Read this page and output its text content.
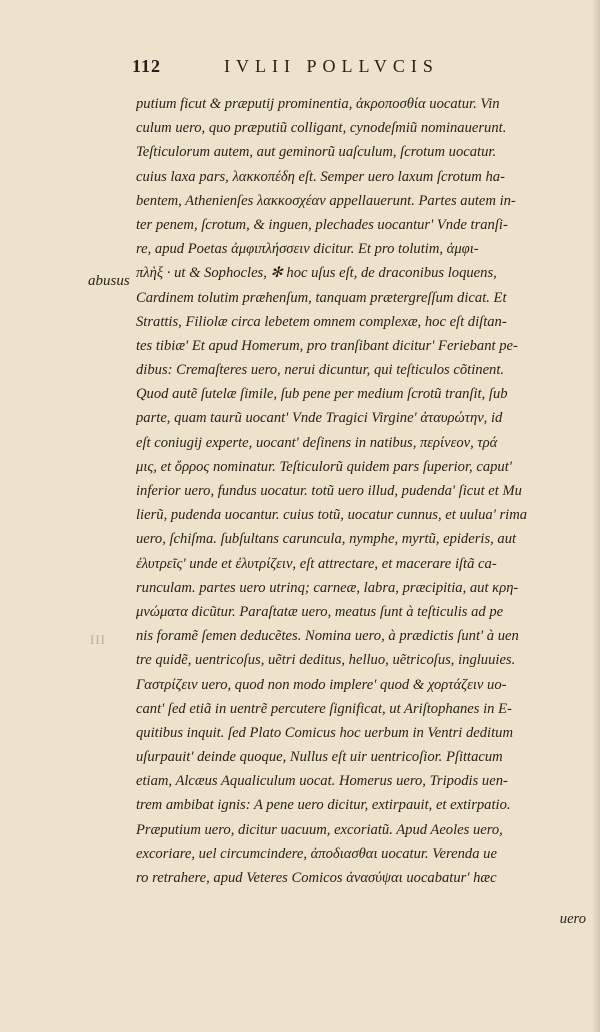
112	IVLII POLLVCIS
abusus
III
putium ficut & præputij prominentia, ἀκροποσθία uocatur. Vin
culum uero, quo præputiũ colligant, cynodeſmiũ nominauerunt.
Teſticulorum autem, aut geminorũ uaſculum, ſcrotum uocatur.
cuius laxa pars, λακκοπέδη eſt. Semper uero laxum ſcrotum ha-
bentem, Athenienſes λακκοσχέαν appellauerunt. Partes autem in-
ter penem, ſcrotum, & inguen, plechades uocantur' Vnde tranſi-
re, apud Poetas ἀμφιπλήσσειν dicitur. Et pro tolutim, ἀμφι-
πλὴξ · ut & Sophocles, ✻ hoc uſus eſt, de draconibus loquens,
Cardinem tolutim præhenſum, tanquam prætergreſſum dicat. Et
Strattis, Filiolæ circa lebetem omnem complexæ, hoc eſt diſtan-
tes tibiæ' Et apud Homerum, pro tranſibant dicitur' Feriebant pe-
dibus: Cremaſteres uero, nerui dicuntur, qui teſticulos cõtinent.
Quod autẽ ſutelæ ſimile, ſub pene per medium ſcrotũ tranſit, ſub
parte, quam taurũ uocant' Vnde Tragici Virgine' ἀταυρώτην, id
eſt coniugij experte, uocant' deſinens in natibus, περίνεον, τρά
μις, et ὄρρος nominatur. Teſticulorũ quidem pars ſuperior, caput'
inferior uero, fundus uocatur. totũ uero illud, pudenda' ſicut et Mu
lierũ, pudenda uocantur. cuius totũ, uocatur cunnus, et uulua' rima
uero, ſchiſma. ſubſultans caruncula, nymphe, myrtũ, epideris, aut
ἐλυτρεῖς' unde et ἐλυτρίζειν, eſt attrectare, et macerare iſtã ca-
runculam. partes uero utrinq; carneæ, labra, præcipitia, aut κρη-
μνώματα dicũtur. Paraſtatæ uero, meatus ſunt à teſticulis ad pe
nis foramẽ ſemen deducẽtes. Nomina uero, à prædictis ſunt' à uen
tre quidẽ, uentricoſus, uẽtri deditus, helluo, uẽtricoſus, ingluuies.
Γαστρίζειν uero, quod non modo implere' quod & χορτάζειν uo-
cant' ſed etiã in uentrẽ percutere ſignificat, ut Ariſtophanes in E-
quitibus inquit. ſed Plato Comicus hoc uerbum in Ventri deditum
uſurpauit' deinde quoque, Nullus eſt uir uentricoſior. Pſittacum
etiam, Alcæus Aqualiculum uocat. Homerus uero, Tripodis uen-
trem ambibat ignis: A pene uero dicitur, extirpauit, et extirpatio.
Præputium uero, dicitur uacuum, excoriatũ. Apud Aeoles uero,
excoriare, uel circumcindere, ἀποδιασθαι uocatur. Verenda ue
ro retrahere, apud Veteres Comicos ἀνασύψαι uocabatur' hæc
uero
